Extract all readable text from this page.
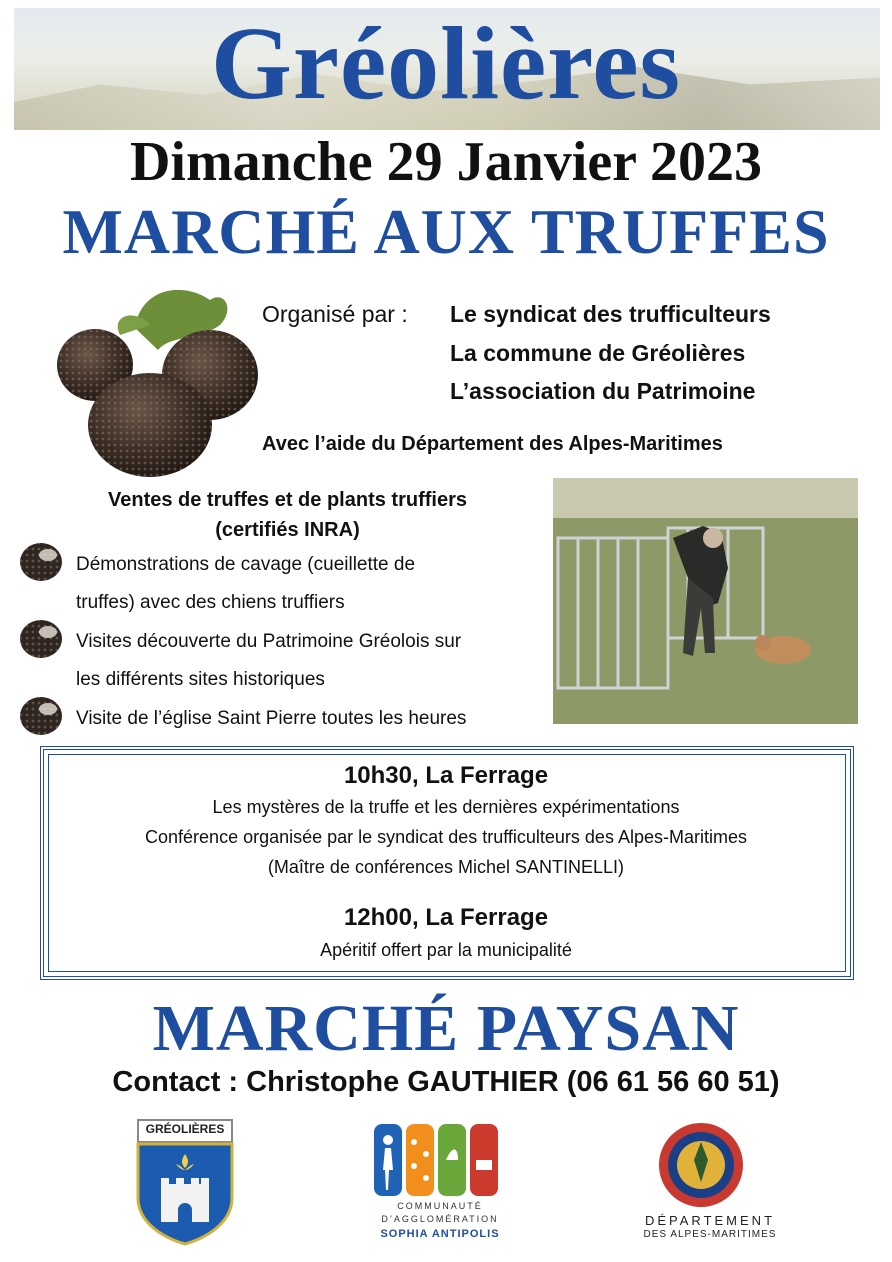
Gréolières
Dimanche 29 Janvier 2023
MARCHÉ AUX TRUFFES
Organisé par : Le syndicat des trufficulteurs
La commune de Gréolières
L’association du Patrimoine
Avec l’aide du Département des Alpes-Maritimes
Ventes de truffes et de plants truffiers
(certifiés INRA)
Démonstrations de cavage (cueillette de
truffes) avec des chiens truffiers
Visites découverte du Patrimoine Gréolois sur
les différents sites historiques
Visite de l’église Saint Pierre toutes les heures
10h30, La Ferrage
Les mystères de la truffe et les dernières expérimentations
Conférence organisée par le syndicat des trufficulteurs des Alpes-Maritimes
(Maître de conférences Michel SANTINELLI)
12h00, La Ferrage
Apéritif offert par la municipalité
MARCHÉ PAYSAN
Contact : Christophe GAUTHIER (06 61 56 60 51)
GRÉOLIÈRES
COMMUNAUTÉ
D’AGGLOMÉRATION
SOPHIA ANTIPOLIS
⚜ ✚
DÉPARTEMENT
DES ALPES-MARITIMES
